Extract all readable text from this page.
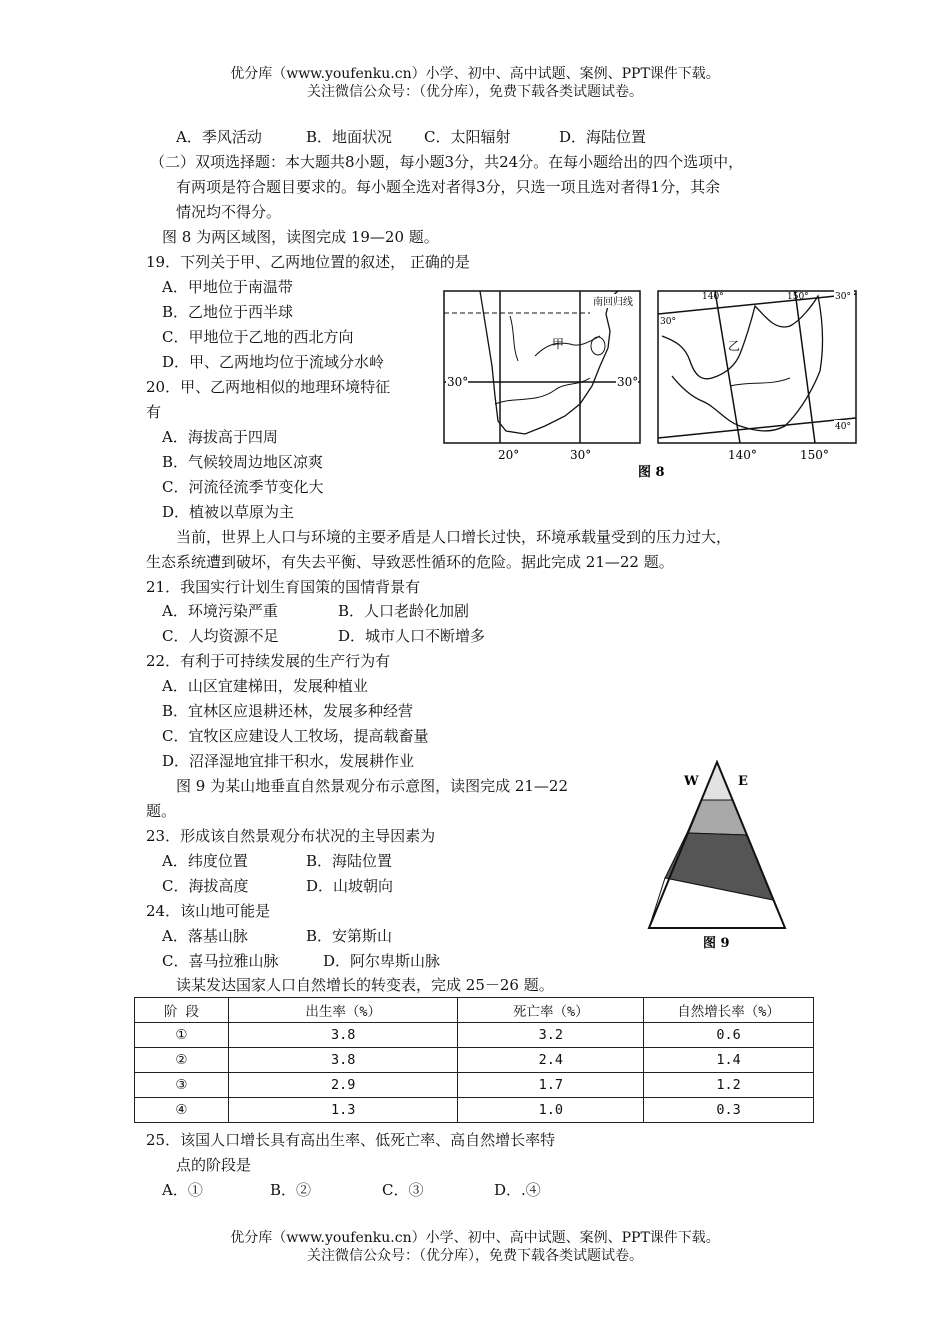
优分库（www.youfenku.cn）小学、初中、高中试题、案例、PPT课件下载。
关注微信公众号：（优分库），免费下载各类试题试卷。
A．季风活动	B．地面状况 C．太阳辐射	D．海陆位置
（二）双项选择题：本大题共8小题，每小题3分，共24分。在每小题给出的四个选项中，
有两项是符合题目要求的。每小题全选对者得3分，只选一项且选对者得1分，其余
情况均不得分。
图 8 为两区域图，读图完成 19—20 题。
19．下列关于甲、乙两地位置的叙述， 正确的是
A．甲地位于南温带
B．乙地位于西半球
C．甲地位于乙地的西北方向
D．甲、乙两地均位于流域分水岭
20．甲、乙两地相似的地理环境特征
有
A．海拔高于四周
B．气候较周边地区凉爽
C．河流径流季节变化大
D．植被以草原为主
南回归线
甲
30°	30°
20°	30°
乙
140°	150°	30°
30°
40°
140°	150°
图 8
当前，世界上人口与环境的主要矛盾是人口增长过快，环境承载量受到的压力过大，
生态系统遭到破坏，有失去平衡、导致恶性循环的危险。据此完成 21—22 题。
21．我国实行计划生育国策的国情背景有
A．环境污染严重	B．人口老龄化加剧
C．人均资源不足	D．城市人口不断增多
22．有利于可持续发展的生产行为有
A．山区宜建梯田，发展种植业
B．宜林区应退耕还林，发展多种经营
C．宜牧区应建设人工牧场，提高载畜量
D．沼泽湿地宜排干积水，发展耕作业
图 9 为某山地垂直自然景观分布示意图，读图完成 21—22
题。
W	E
图 9
23．形成该自然景观分布状况的主导因素为
A．纬度位置	B．海陆位置
C．海拔高度	D．山坡朝向
24．该山地可能是
A．落基山脉	B．安第斯山
C．喜马拉雅山脉	D．阿尔卑斯山脉
读某发达国家人口自然增长的转变表，完成 25－26 题。
阶 段	出生率（%）	死亡率（%）	自然增长率（%）
①	3.8	3.2	0.6
②	3.8	2.4	1.4
③	2.9	1.7	1.2
④	1.3	1.0	0.3
25．该国人口增长具有高出生率、低死亡率、高自然增长率特
点的阶段是
A．①	B．②	C．③	D．.④
优分库（www.youfenku.cn）小学、初中、高中试题、案例、PPT课件下载。
关注微信公众号：（优分库），免费下载各类试题试卷。
